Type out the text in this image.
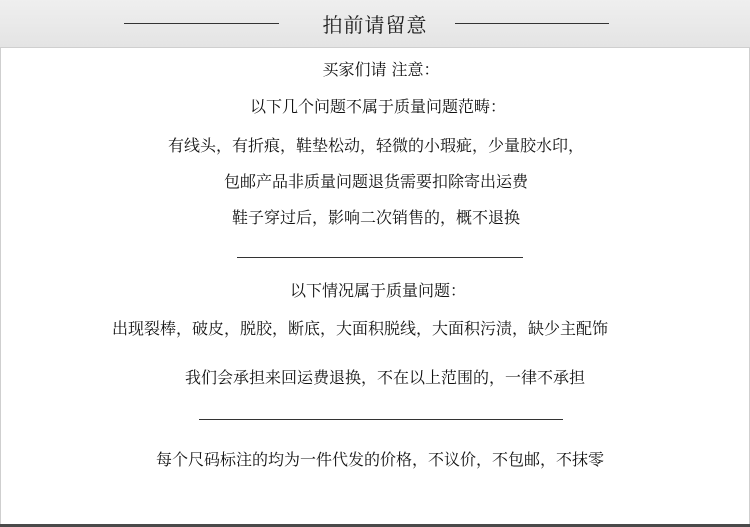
拍前请留意
买家们请 注意：
以下几个问题不属于质量问题范畴：
有线头，有折痕，鞋垫松动，轻微的小瑕疵，少量胶水印，
包邮产品非质量问题退货需要扣除寄出运费
鞋子穿过后，影响二次销售的，概不退换
以下情况属于质量问题：
出现裂棒，破皮，脱胶，断底，大面积脱线，大面积污渍，缺少主配饰
我们会承担来回运费退换，不在以上范围的，一律不承担
每个尺码标注的均为一件代发的价格，不议价，不包邮，不抹零
